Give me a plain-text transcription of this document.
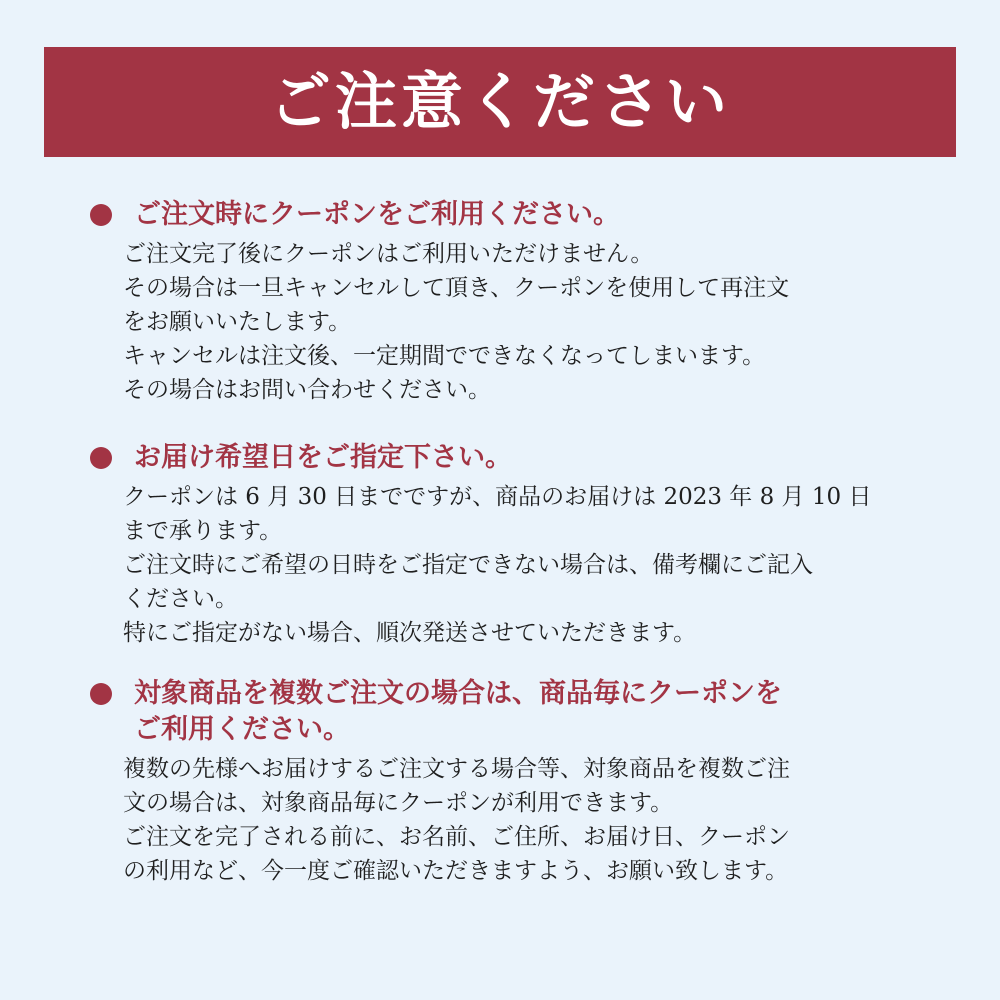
ご注意ください
ご注文時にクーポンをご利用ください。
ご注文完了後にクーポンはご利用いただけません。
その場合は一旦キャンセルして頂き、クーポンを使用して再注文
をお願いいたします。
キャンセルは注文後、一定期間でできなくなってしまいます。
その場合はお問い合わせください。
お届け希望日をご指定下さい。
クーポンは 6 月 30 日までですが、商品のお届けは 2023 年 8 月 10 日
まで承ります。
ご注文時にご希望の日時をご指定できない場合は、備考欄にご記入
ください。
特にご指定がない場合、順次発送させていただきます。
対象商品を複数ご注文の場合は、商品毎にクーポンを
ご利用ください。
複数の先様へお届けするご注文する場合等、対象商品を複数ご注
文の場合は、対象商品毎にクーポンが利用できます。
ご注文を完了される前に、お名前、ご住所、お届け日、クーポン
の利用など、今一度ご確認いただきますよう、お願い致します。
